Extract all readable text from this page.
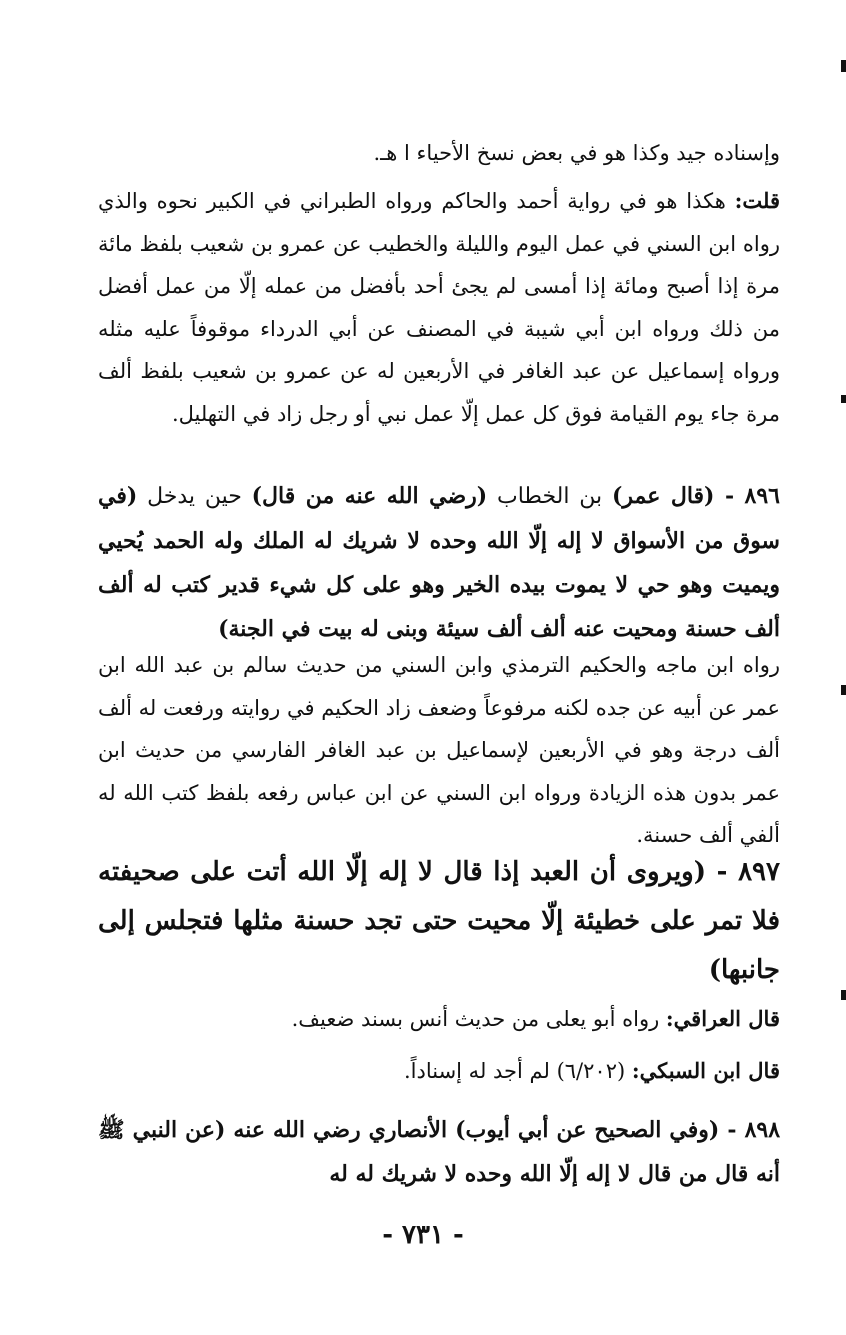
وإسناده جيد وكذا هو في بعض نسخ الأحياء ا هـ.
قلت: هكذا هو في رواية أحمد والحاكم ورواه الطبراني في الكبير نحوه والذي رواه ابن السني في عمل اليوم والليلة والخطيب عن عمرو بن شعيب بلفظ مائة مرة إذا أصبح ومائة إذا أمسى لم يجئ أحد بأفضل من عمله إلّا من عمل أفضل من ذلك ورواه ابن أبي شيبة في المصنف عن أبي الدرداء موقوفاً عليه مثله ورواه إسماعيل عن عبد الغافر في الأربعين له عن عمرو بن شعيب بلفظ ألف مرة جاء يوم القيامة فوق كل عمل إلّا عمل نبي أو رجل زاد في التهليل.
٨٩٦ - (قال عمر) بن الخطاب (رضي الله عنه من قال) حين يدخل (في سوق من الأسواق لا إله إلّا الله وحده لا شريك له الملك وله الحمد يُحيي ويميت وهو حي لا يموت بيده الخير وهو على كل شيء قدير كتب له ألف ألف حسنة ومحيت عنه ألف ألف سيئة وبنى له بيت في الجنة)
رواه ابن ماجه والحكيم الترمذي وابن السني من حديث سالم بن عبد الله ابن عمر عن أبيه عن جده لكنه مرفوعاً وضعف زاد الحكيم في روايته ورفعت له ألف ألف درجة وهو في الأربعين لإسماعيل بن عبد الغافر الفارسي من حديث ابن عمر بدون هذه الزيادة ورواه ابن السني عن ابن عباس رفعه بلفظ كتب الله له ألفي ألف حسنة.
٨٩٧ - (ويروى أن العبد إذا قال لا إله إلّا الله أتت على صحيفته فلا تمر على خطيئة إلّا محيت حتى تجد حسنة مثلها فتجلس إلى جانبها)
قال العراقي: رواه أبو يعلى من حديث أنس بسند ضعيف.
قال ابن السبكي: (٦/٢٠٢) لم أجد له إسناداً.
٨٩٨ - (وفي الصحيح عن أبي أيوب) الأنصاري رضي الله عنه (عن النبي ﷺ أنه قال من قال لا إله إلّا الله وحده لا شريك له له
- ٧٣١ -
